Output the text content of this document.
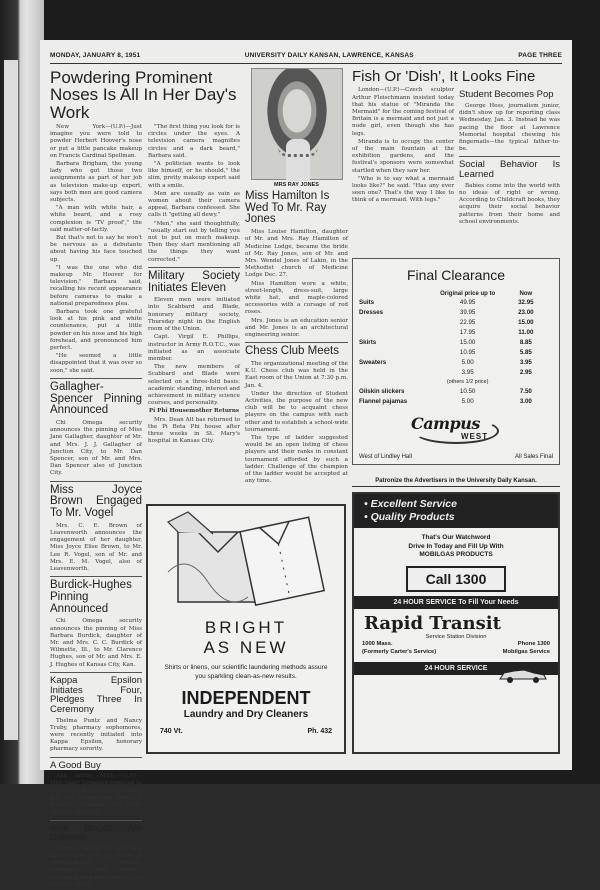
MONDAY, JANUARY 8, 1951	UNIVERSITY DAILY KANSAN, LAWRENCE, KANSAS	PAGE THREE
Powdering Prominent Noses Is All In Her Day's Work

New York—(U.P.)—Just imagine you were told to powder Herbert Hoover's nose or put a little pancake makeup on Francis Cardinal Spellman.

Barbara Brigham, the young lady who got those two assignments as part of her job as television make-up expert, says both men are good camera subjects.

"A man with white hair, a white beard, and a rosy complexion is 'TV proof'," the said matter-of-factly.

But that's not to say he won't be nervous as a debutante about having his face touched up.

"I was the one who did makeup Mr. Hoover for television," Barbara said, recalling his recent appearance before cameras to make a national preparedness plea.

Barbara took one grateful look at his pink and white countenance, put a little powder on his nose and his high forehead, and pronounced him perfect.

"He seemed a little disappointed that it was over so soon," she said.

Gallagher-Spencer Pinning Announced

Chi Omega security announces the pinning of Miss Jane Gallagher, daughter of Mr. and Mrs. J. J. Gallagher of Junction City, to Mr. Dan Spencer, son of Mr. and Mrs. Dan Spencer also of Junction City.

Miss Joyce Brown Engaged To Mr. Vogel

Mrs. C. E. Brown of Leavenworth announces the engagement of her daughter, Miss Joyce Elise Brown, to Mr. Lee R. Vogel, son of Mr. and Mrs. E. M. Vogel, also of Leavenworth.

Burdick-Hughes Pinning Announced

Chi Omega security announces the pinning of Miss Barbara Burdick, daughter of Mr. and Mrs. C. C. Burdick of Wilmette, Ill., to Mr. Clarence Hughes, son of Mr. and Mrs. E. J. Hughes of Kansas City, Kan.

Kappa Epsilon Initiates Four, Pledges Three In Ceremony

Thelma Puntz and Nancy Truby, pharmacy sophomores, were recently initiated into Kappa Epsilon, honorary pharmacy sorority.

A Good Buy

Ann Arbor, Mich.—(U.P.)—Mrs. Mary Vergason reported to police that her purse containing $20 was accidentally sold at a Kiwanis rummage sale while she was working.

Blue Bloods Are Different

Cornell University scientists have found that the blood of thoroughbred horses, nicknamed "blue bloods," actually differs from other types of horse blood.

"The first thing you look for is circles under the eyes. A television camera magnifies circles and a dark beard," Barbara said.

"A politician wants to look like himself, or he should," the slim, pretty makeup expert said with a smile.

Men are usually as vain as women about their camera appeal, Barbara confessed. She calls it "getting all dewy."

"Men," she said thoughtfully, "usually start out by telling you not to put on much makeup. Then they start mentioning all the things they want corrected."

Military Society Initiates Eleven

Eleven men were initiated into Scabbard and Blade, honorary military society, Thursday night in the English room of the Union.

Capt. Virgil E. Phillips, instructor in Army R.O.T.C., was initiated as an associate member.

The new members of Scabbard and Blade were selected on a three-fold basis: academic standing, interest and achievement in military science courses, and personality.

Pi Phi Housemother Returns

Mrs. Dean Alt has returned to the Pi Beta Phi house after three weeks in St. Mary's hospital in Kansas City.

MRS RAY JONES
Miss Hamilton Is Wed To Mr. Ray Jones

Miss Louise Hamilton, daughter of Mr. and Mrs. Ray Hamilton of Medicine Lodge, became the bride of Mr. Ray Jones, son of Mr. and Mrs. Wendel Jones of Lakin, in the Methodist church of Medicine Lodge Dec. 27.

Miss Hamilton wore a white, street-length, dress-suit, large white hat, and maple-colored accessories with a corsage of red roses.

Mrs. Jones is an education senior and Mr. Jones is an architectural engineering senior.

Chess Club Meets

The organizational meeting of the K.U. Chess club was held in the East room of the Union at 7:30 p.m. Jan. 4.

Under the direction of Student Activities, the purpose of the new club will be to acquaint chess players on the campus with each other and to establish a school-wide tournament.

The type of ladder suggested would be an open listing of chess players and their ranks in constant tournament afforded by such a ladder. Challenge of the champion of the ladder would be accepted at any time.

Fish Or 'Dish', It Looks Fine

London—(U.P.)—Czech sculptor Arthur Fleischmann insisted today that his statue of "Miranda the Mermaid" for the coming festival of Britain is a mermaid and not just a nude girl, even though she has legs.

Miranda is to occupy the center of the main fountain at the exhibition gardens, and the festival's sponsors were somewhat startled when they saw her.

"Who is to say what a mermaid looks like?" he said. "Has any ever seen one? That's the way I like to think of a mermaid. With legs."

Student Becomes Pop

George Hess, journalism junior, didn't show up for reporting class Wednesday, Jan. 3. Instead he was pacing the floor at Lawrence Memorial hospital chewing his fingernails—the typical father-to-be.

Social Behavior Is Learned

Babies come into the world with no ideas of right or wrong. According to Childcraft books, they acquire their social behavior patterns from their home and school environments.

Final Clearance
	Original price up to	Now
Suits	49.95	32.95
Dresses	39.95	23.00
	22.95	15.00
	17.95	11.00
Skirts	15.00	8.85
	10.95	5.85
Sweaters	5.00	3.95
	3.95	2.95
	(others 1/2 price)	
Oilskin slickers	10.50	7.50
Flannel pajamas	5.00	3.00
Campus
WEST
West of Lindley Hall	All Sales Final
Patronize the Advertisers in the University Daily Kansan.
BRIGHT
AS NEW
Shirts or linens, our scientific laundering methods assure you sparkling clean-as-new results.
INDEPENDENT
Laundry and Dry Cleaners
740 Vt.	Ph. 432
• Excellent Service
• Quality Products
That's Our Watchword
Drive In Today and Fill Up With
MOBILGAS PRODUCTS
Call 1300
24 HOUR SERVICE To Fill Your Needs
Rapid Transit
Service Station Division
1000 Mass.	Phone 1300
(Formerly Carter's Service)	Mobilgas Service
24 HOUR SERVICE
